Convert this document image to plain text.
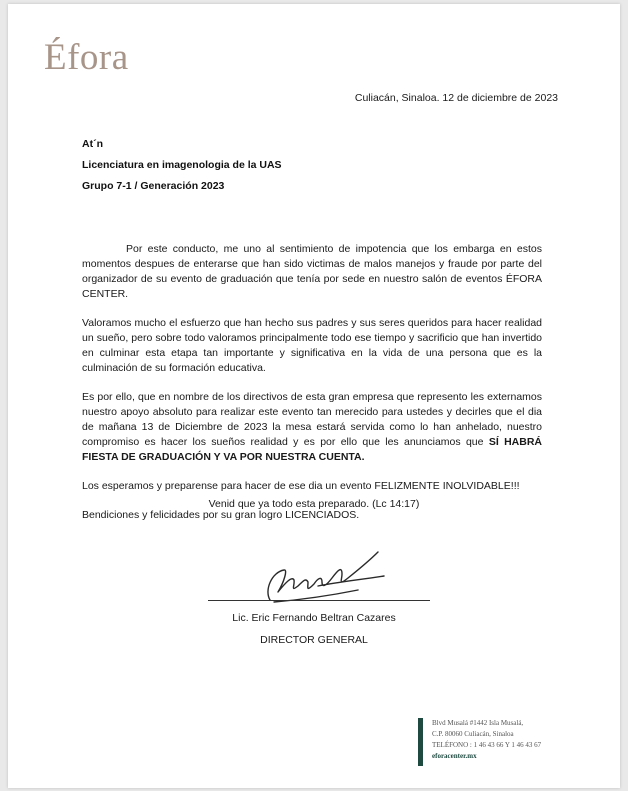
Éfora
Culiacán, Sinaloa. 12 de diciembre de 2023
At´n
Licenciatura en imagenologia de la UAS
Grupo 7-1 / Generación 2023

Por este conducto, me uno al sentimiento de impotencia que los embarga en estos momentos despues de enterarse que han sido victimas de malos manejos y fraude por parte del organizador de su evento de graduación que tenía por sede en nuestro salón de eventos ÉFORA CENTER.

Valoramos mucho el esfuerzo que han hecho sus padres y sus seres queridos para hacer realidad un sueño, pero sobre todo valoramos principalmente todo ese tiempo y sacrificio que han invertido en culminar esta etapa tan importante y significativa en la vida de una persona que es la culminación de su formación educativa.

Es por ello, que en nombre de los directivos de esta gran empresa que represento les externamos nuestro apoyo absoluto para realizar este evento tan merecido para ustedes y decirles que el dia de mañana 13 de Diciembre de 2023 la mesa estará servida como lo han anhelado, nuestro compromiso es hacer los sueños realidad y es por ello que les anunciamos que SÍ HABRÁ FIESTA DE GRADUACIÓN Y VA POR NUESTRA CUENTA.

Los esperamos y preparense para hacer de ese dia un evento FELIZMENTE INOLVIDABLE!!!

Bendiciones y felicidades por su gran logro LICENCIADOS.

Venid que ya todo esta preparado. (Lc 14:17)
Lic. Eric Fernando Beltran Cazares
DIRECTOR GENERAL
Blvd Musalá #1442 Isla Musalá,
C.P. 80060 Culiacán, Sinaloa
TELÉFONO : 1 46 43 66 Y 1 46 43 67
eforacenter.mx
